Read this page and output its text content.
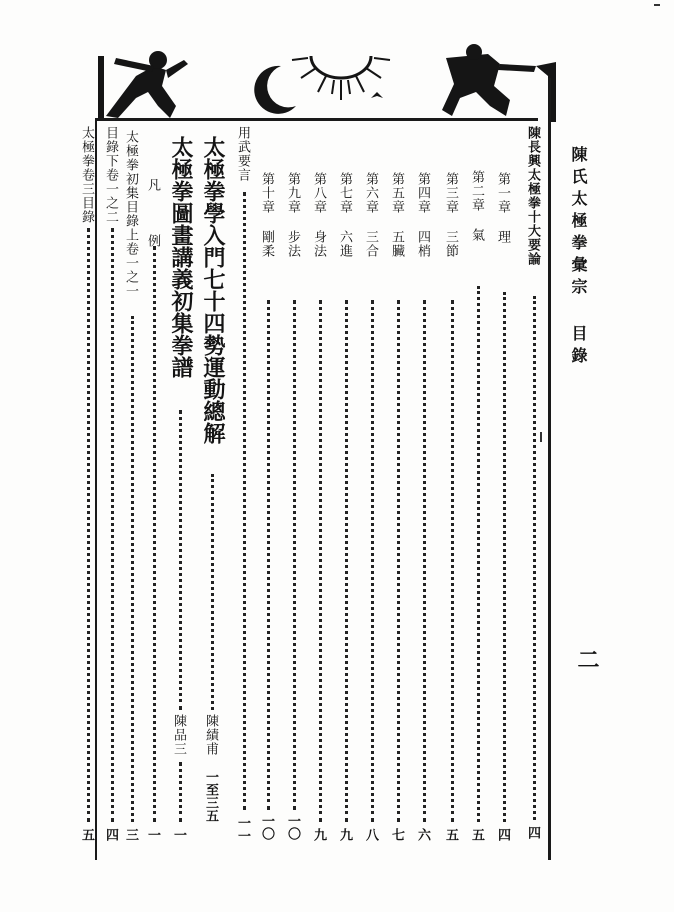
陳氏太極拳彙宗 目錄
二
陳長興太極拳十大要論
四
第一章 理
四
第二章 氣
五
第三章 三節
五
第四章 四梢
六
第五章 五臟
七
第六章 三合
八
第七章 六進
九
第八章 身法
九
第九章 步法
一〇
第十章 剛柔
一〇
用武要言
一一
太極拳學入門七十四勢運動總解
陳績甫
一至三五
太極拳圖畫講義初集拳譜
陳品三
一
凡 例
一
太極拳初集目錄上卷一之一
三
目錄下卷一之二
四
太極拳卷三目錄
五
